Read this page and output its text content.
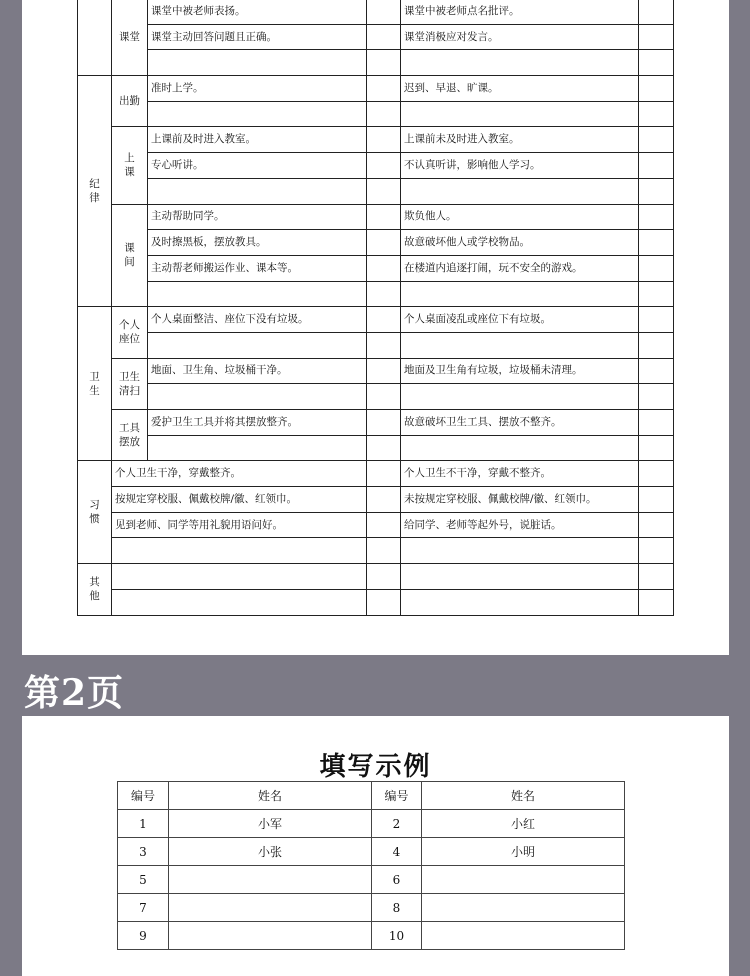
	课堂	课堂中被老师表扬。		课堂中被老师点名批评。	
		课堂主动回答问题且正确。		课堂消极应对发言。	

纪律	出勤	准时上学。		迟到、早退、旷课。	

	上课	上课前及时进入教室。		上课前未及时进入教室。	
		专心听讲。		不认真听讲，影响他人学习。	

	课间	主动帮助同学。		欺负他人。	
		及时擦黑板，摆放教具。		故意破坏他人或学校物品。	
		主动帮老师搬运作业、课本等。		在楼道内追逐打闹，玩不安全的游戏。	

卫生	个人座位	个人桌面整洁、座位下没有垃圾。		个人桌面凌乱或座位下有垃圾。	

	卫生清扫	地面、卫生角、垃圾桶干净。		地面及卫生角有垃圾，垃圾桶未清理。	

	工具摆放	爱护卫生工具并将其摆放整齐。		故意破坏卫生工具、摆放不整齐。	

习惯	个人卫生干净，穿戴整齐。			个人卫生不干净，穿戴不整齐。	
	按规定穿校服、佩戴校牌/徽、红领巾。			未按规定穿校服、佩戴校牌/徽、红领巾。	
	见到老师、同学等用礼貌用语问好。			给同学、老师等起外号，说脏话。	

其他					

第2页
填写示例
编号	姓名	编号	姓名
1	小军	2	小红
3	小张	4	小明
5		6	
7		8	
9		10	
